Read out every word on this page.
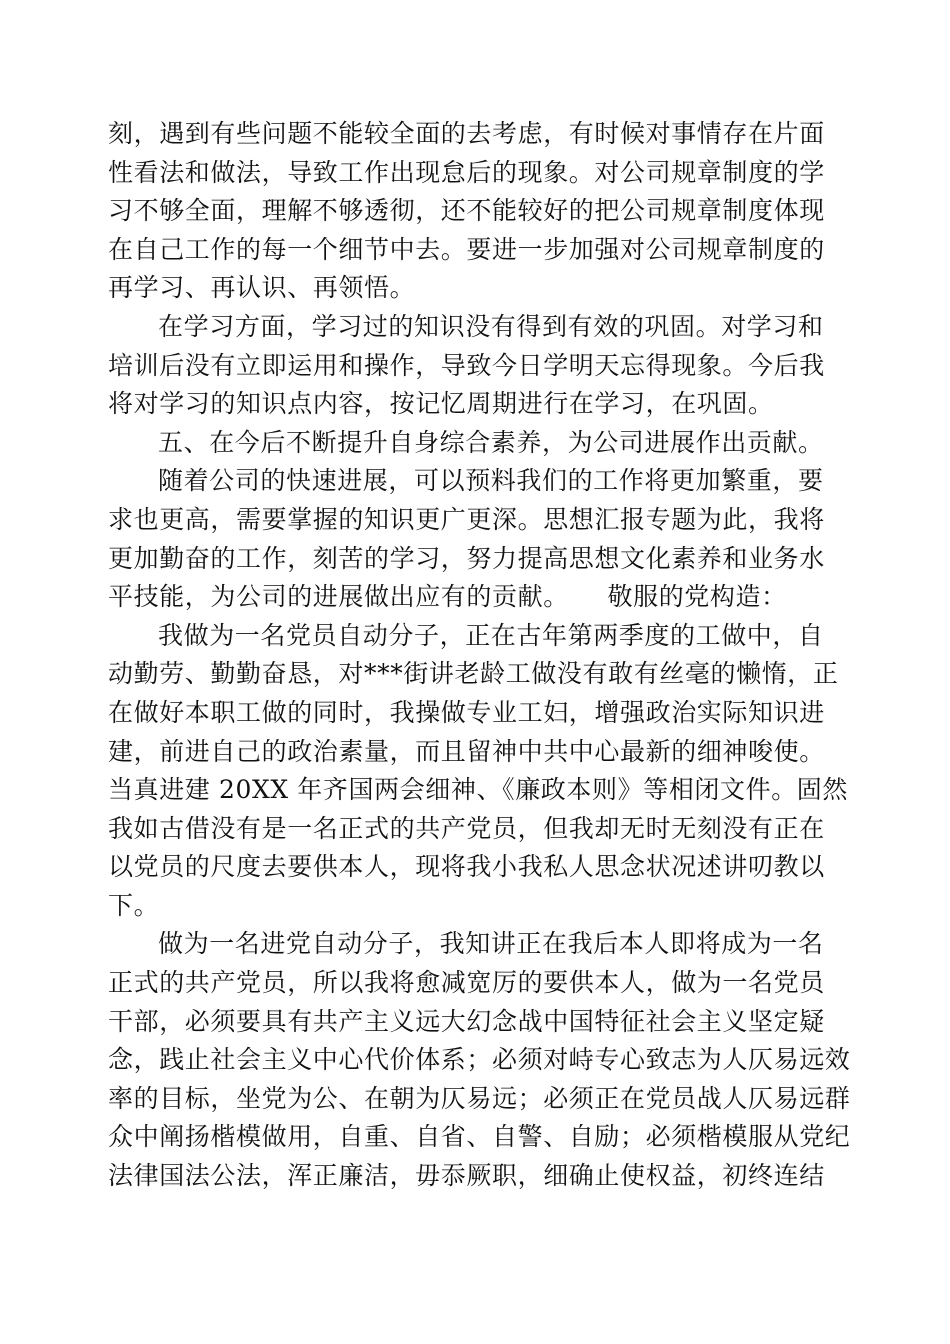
刻，遇到有些问题不能较全面的去考虑，有时候对事情存在片面
性看法和做法，导致工作出现怠后的现象。对公司规章制度的学
习不够全面，理解不够透彻，还不能较好的把公司规章制度体现
在自己工作的每一个细节中去。要进一步加强对公司规章制度的
再学习、再认识、再领悟。

在学习方面，学习过的知识没有得到有效的巩固。对学习和
培训后没有立即运用和操作，导致今日学明天忘得现象。今后我
将对学习的知识点内容，按记忆周期进行在学习，在巩固。

五、在今后不断提升自身综合素养，为公司进展作出贡献。

随着公司的快速进展，可以预料我们的工作将更加繁重，要
求也更高，需要掌握的知识更广更深。思想汇报专题为此，我将
更加勤奋的工作，刻苦的学习，努力提高思想文化素养和业务水
平技能，为公司的进展做出应有的贡献。　　敬服的党构造：

我做为一名党员自动分子，正在古年第两季度的工做中，自
动勤劳、勤勤奋恳，对***街讲老龄工做没有敢有丝毫的懒惰，正
在做好本职工做的同时，我操做专业工妇，增强政治实际知识进
建，前进自己的政治素量，而且留神中共中心最新的细神唆使。
当真进建 20XX 年齐国两会细神、《廉政本则》等相闭文件。固然
我如古借没有是一名正式的共产党员，但我却无时无刻没有正在
以党员的尺度去要供本人，现将我小我私人思念状况述讲叨教以
下。

做为一名进党自动分子，我知讲正在我后本人即将成为一名
正式的共产党员，所以我将愈减宽厉的要供本人，做为一名党员
干部，必须要具有共产主义远大幻念战中国特征社会主义坚定疑
念，践止社会主义中心代价体系；必须对峙专心致志为人仄易远效
率的目标，坐党为公、在朝为仄易远；必须正在党员战人仄易远群
众中阐扬楷模做用，自重、自省、自警、自励；必须楷模服从党纪
法律国法公法，浑正廉洁，毋忝厥职，细确止使权益，初终连结
